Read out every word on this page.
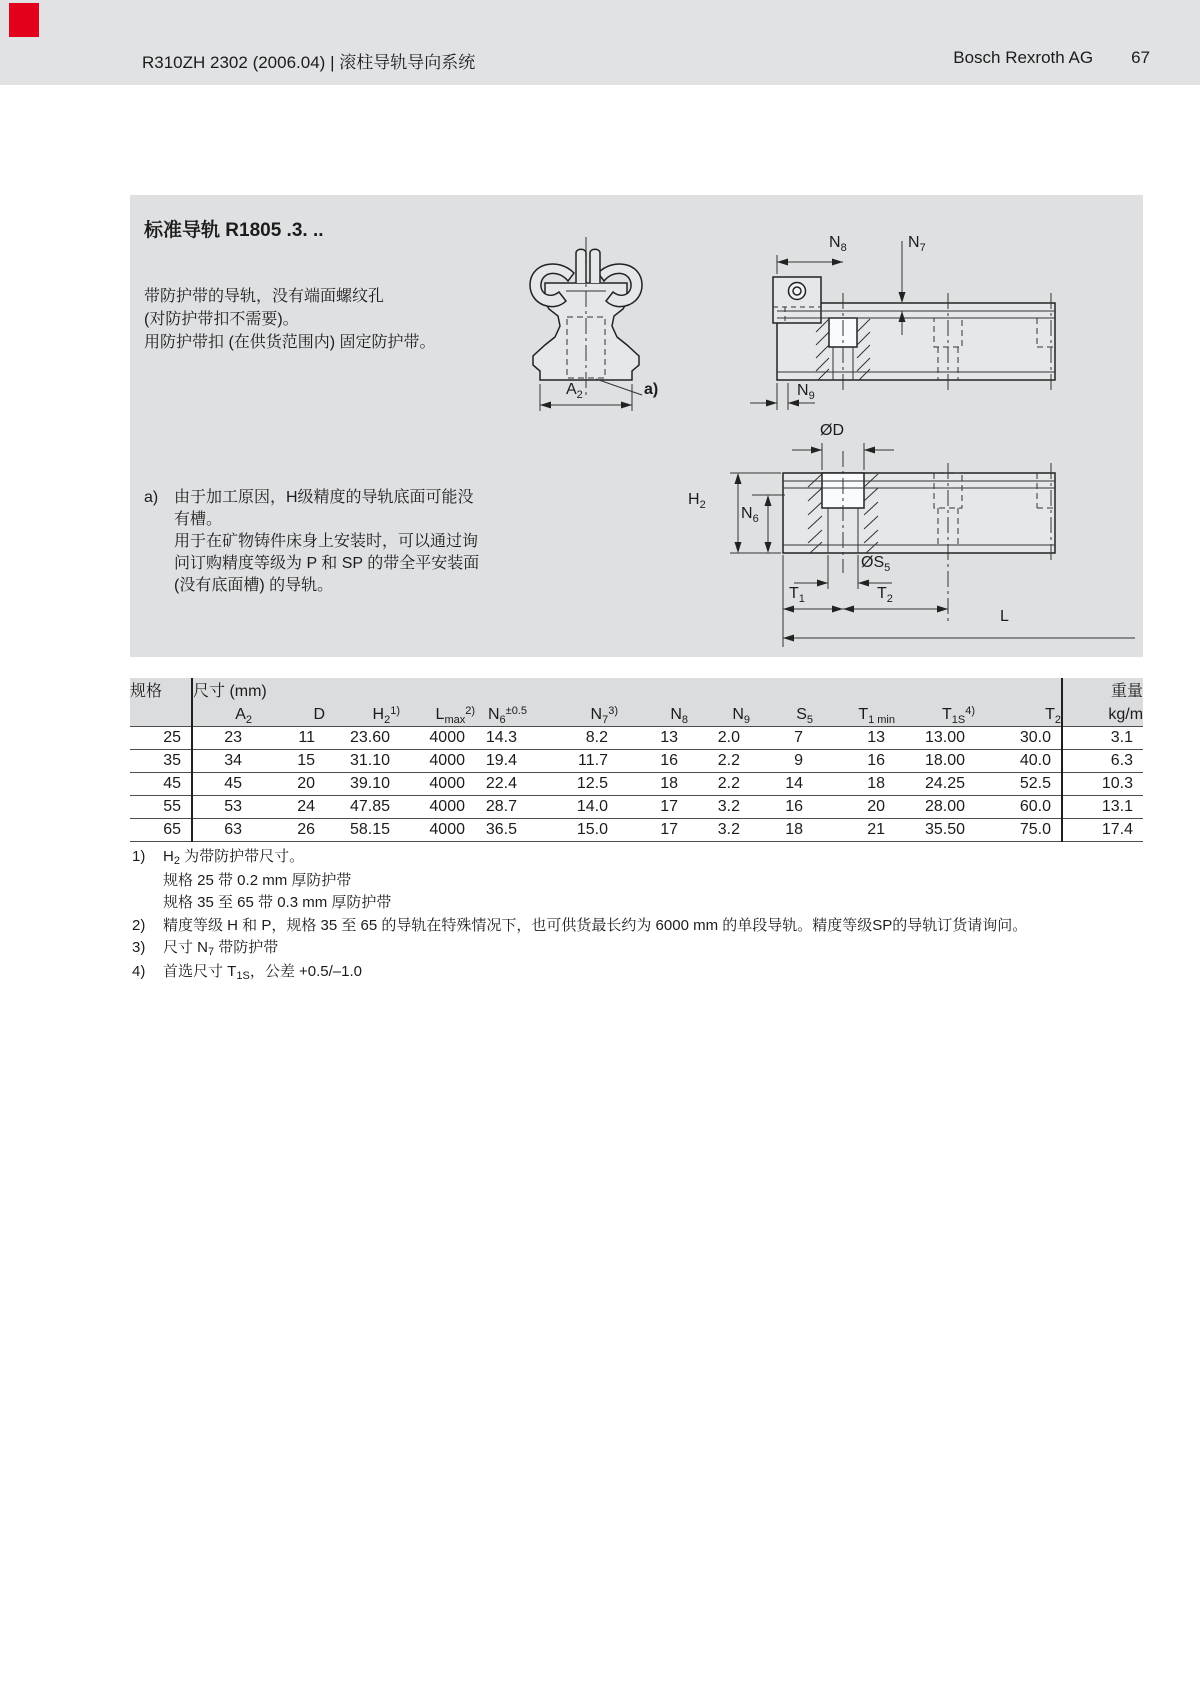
R310ZH 2302 (2006.04) | 滚柱导轨导向系统	Bosch Rexroth AG 67
标准导轨 R1805 .3. ..
带防护带的导轨，没有端面螺纹孔
(对防护带扣不需要)。
用防护带扣 (在供货范围内) 固定防护带。
a) 由于加工原因，H级精度的导轨底面可能没
有槽。
用于在矿物铸件床身上安装时，可以通过询
问订购精度等级为 P 和 SP 的带全平安装面
(没有底面槽) 的导轨。
$A_2$	a)
$N_8$	$N_7$
$N_9$
ØD
$H_2$ $N_6$
$ØS_5$
$T_1$	$T_2$
L
规格	尺寸 (mm)												重量
	$A_2$	D	$H_2^{1)}$	$L_{max}^{2)}$	$N_6^{\pm 0.5}$	$N_7^{3)}$	$N_8$	$N_9$	$S_5$	$T_{1 min}$	$T_{1S}^{4)}$	$T_2$	kg/m
25	23	11	23.60	4000	14.3	8.2	13	2.0	7	13	13.00	30.0	3.1
35	34	15	31.10	4000	19.4	11.7	16	2.2	9	16	18.00	40.0	6.3
45	45	20	39.10	4000	22.4	12.5	18	2.2	14	18	24.25	52.5	10.3
55	53	24	47.85	4000	28.7	14.0	17	3.2	16	20	28.00	60.0	13.1
65	63	26	58.15	4000	36.5	15.0	17	3.2	18	21	35.50	75.0	17.4
1)	$H_2$ 为带防护带尺寸。
规格 25 带 0.2 mm 厚防护带
规格 35 至 65 带 0.3 mm 厚防护带
2)	精度等级 H 和 P，规格 35 至 65 的导轨在特殊情况下，也可供货最长约为 6000 mm 的单段导轨。精度等级SP的导轨订货请询问。
3)	尺寸 $N_7$ 带防护带
4)	首选尺寸 $T_{1S}$，公差 +0.5/–1.0
